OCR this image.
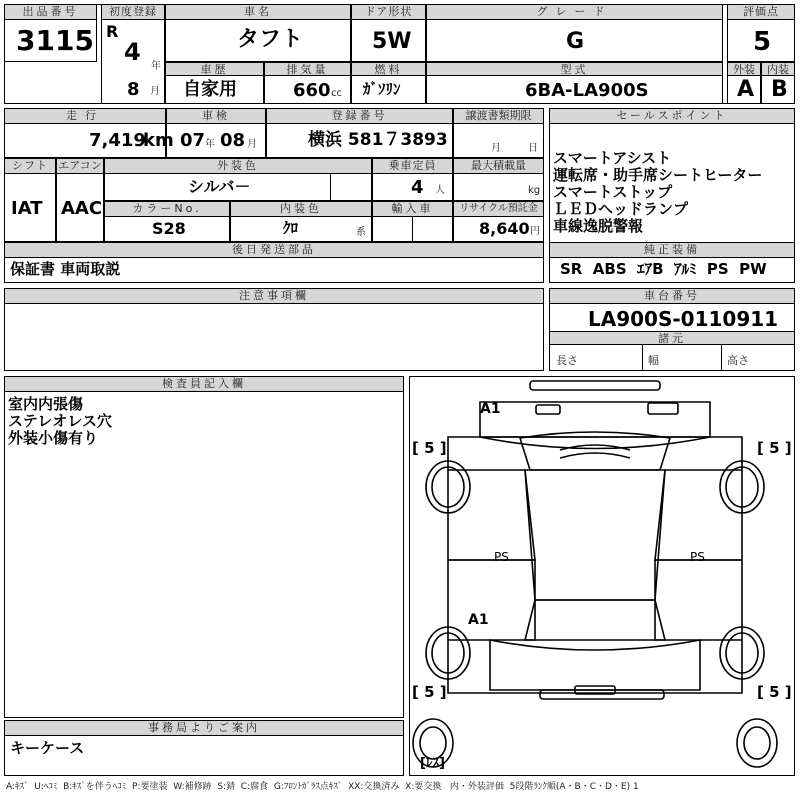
出品番号
3115
初度登録
R
4
年
8 月
車名
タフト
ドア形状
5W
グレード
G
評価点
5
車歴
自家用
排気量
660 cc
燃料
ｶﾞｿﾘﾝ
型式
6BA-LA900S
外装	内装
A B
走行
7,419
km
車検
07 年 08 月
登録番号
横浜 581７3893
譲渡書類期限
月	日
シフト
IAT
エアコン
AAC
外装色
シルバ－
乗車定員
4 人
最大積載量
kg
カラーNo.
S28
内装色
ｸﾛ	系
輸入車	リサイクル預託金
8,640 円
後日発送部品
保証書 車両取説
セールスポイント
スマートアシスト
運転席・助手席シートヒーター
スマートストップ
ＬＥＤヘッドランプ
車線逸脱警報
純正装備
SR  ABS  ｴｱB  ｱﾙﾐ  PS  PW
注意事項欄	車台番号
LA900S-0110911
諸元
長さ	幅	高さ
検査員記入欄
室内内張傷
ステレオレス穴
外装小傷有り
事務局よりご案内
キーケース
A1
A1
[ 5 ]	[ 5 ]
[ 5 ]	[ 5 ]
[ﾚｽ]
PS	PS
A:ｷｽﾞ  U:ﾍｺﾐ  B:ｷｽﾞを伴うﾍｺﾐ  P:要塗装  W:補修跡  S:錆  C:腐食  G:ﾌﾛﾝﾄｶﾞﾗｽ点ｷｽﾞ  XX:交換済み  X:要交換   内・外装評価  5段階ﾗﾝｸ順(A・B・C・D・E) 1
